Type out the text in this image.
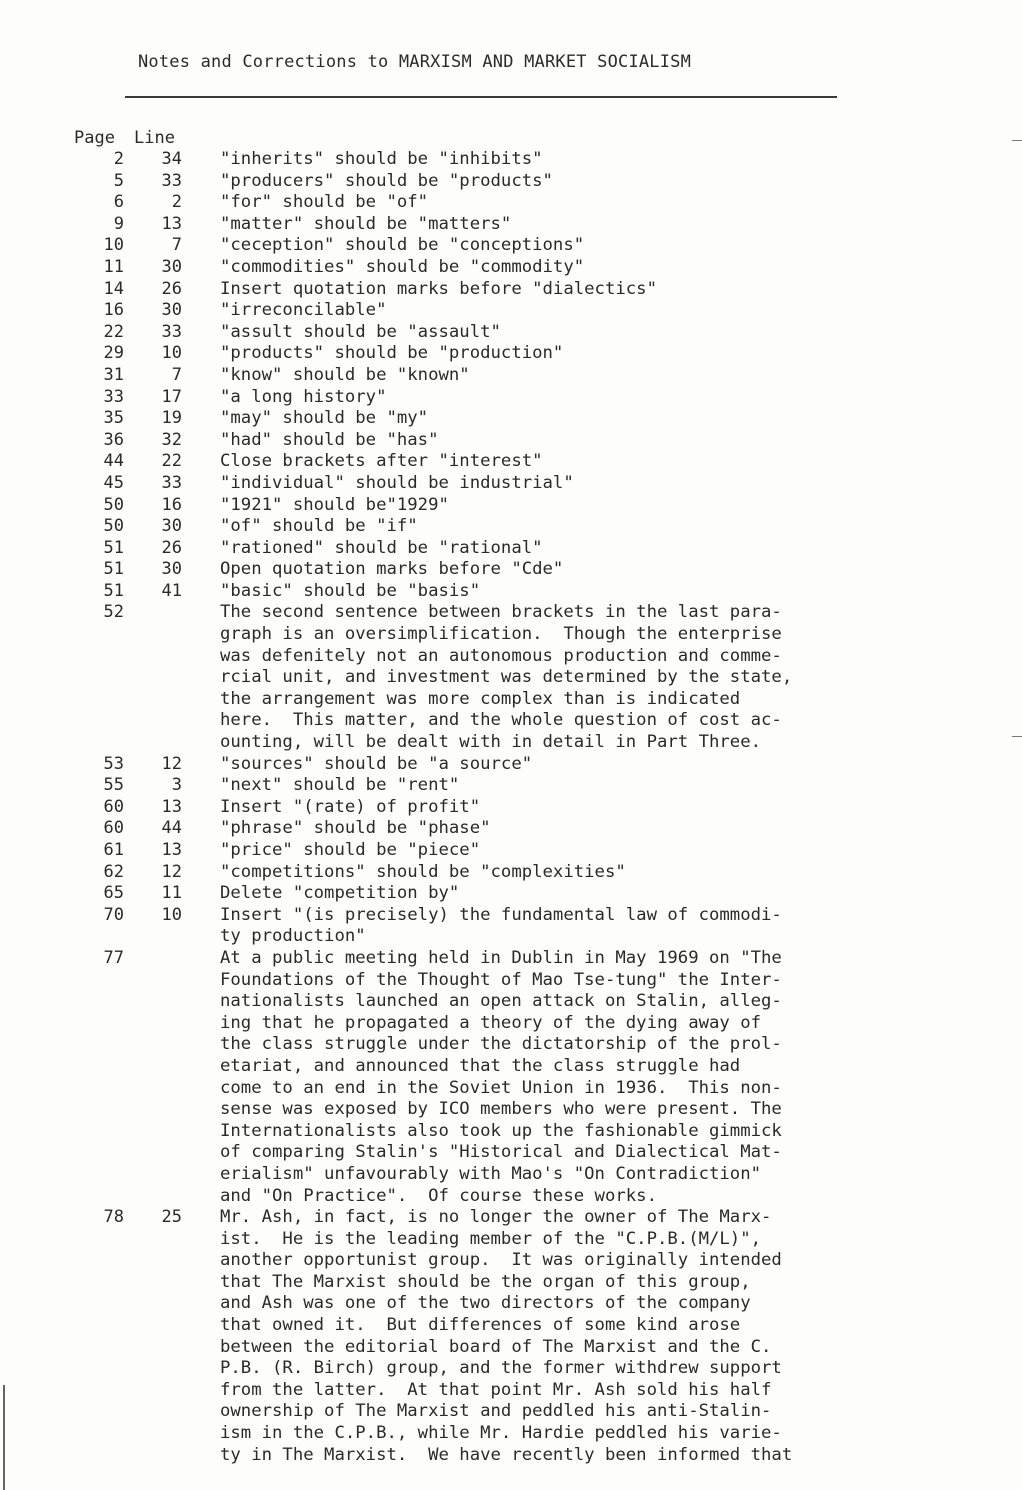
Notes and Corrections to MARXISM AND MARKET SOCIALISM
Page	Line
2	34 "inherits" should be "inhibits"
5	33 "producers" should be "products"
6	2 "for" should be "of"
9	13 "matter" should be "matters"
10	7 "ceception" should be "conceptions"
11	30 "commodities" should be "commodity"
14	26 Insert quotation marks before "dialectics"
16	30 "irreconcilable"
22	33 "assult should be "assault"
29	10 "products" should be "production"
31	7 "know" should be "known"
33	17 "a long history"
35	19 "may" should be "my"
36	32 "had" should be "has"
44	22 Close brackets after "interest"
45	33 "individual" should be industrial"
50	16 "1921" should be"1929"
50	30 "of" should be "if"
51	26 "rationed" should be "rational"
51	30 Open quotation marks before "Cde"
51	41 "basic" should be "basis"
52	The second sentence between brackets in the last para-
graph is an oversimplification.  Though the enterprise
was defenitely not an autonomous production and comme-
rcial unit, and investment was determined by the state,
the arrangement was more complex than is indicated
here.  This matter, and the whole question of cost ac-
ounting, will be dealt with in detail in Part Three.
53	12 "sources" should be "a source"
55	3 "next" should be "rent"
60	13 Insert "(rate) of profit"
60	44 "phrase" should be "phase"
61	13 "price" should be "piece"
62	12 "competitions" should be "complexities"
65	11 Delete "competition by"
70	10 Insert "(is precisely) the fundamental law of commodi-
ty production"
77	At a public meeting held in Dublin in May 1969 on "The
Foundations of the Thought of Mao Tse-tung" the Inter-
nationalists launched an open attack on Stalin, alleg-
ing that he propagated a theory of the dying away of
the class struggle under the dictatorship of the prol-
etariat, and announced that the class struggle had
come to an end in the Soviet Union in 1936.  This non-
sense was exposed by ICO members who were present. The
Internationalists also took up the fashionable gimmick
of comparing Stalin's "Historical and Dialectical Mat-
erialism" unfavourably with Mao's "On Contradiction"
and "On Practice".  Of course these works.
78	25 Mr. Ash, in fact, is no longer the owner of The Marx-
ist.  He is the leading member of the "C.P.B.(M/L)",
another opportunist group.  It was originally intended
that The Marxist should be the organ of this group,
and Ash was one of the two directors of the company
that owned it.  But differences of some kind arose
between the editorial board of The Marxist and the C.
P.B. (R. Birch) group, and the former withdrew support
from the latter.  At that point Mr. Ash sold his half
ownership of The Marxist and peddled his anti-Stalin-
ism in the C.P.B., while Mr. Hardie peddled his varie-
ty in The Marxist.  We have recently been informed that
